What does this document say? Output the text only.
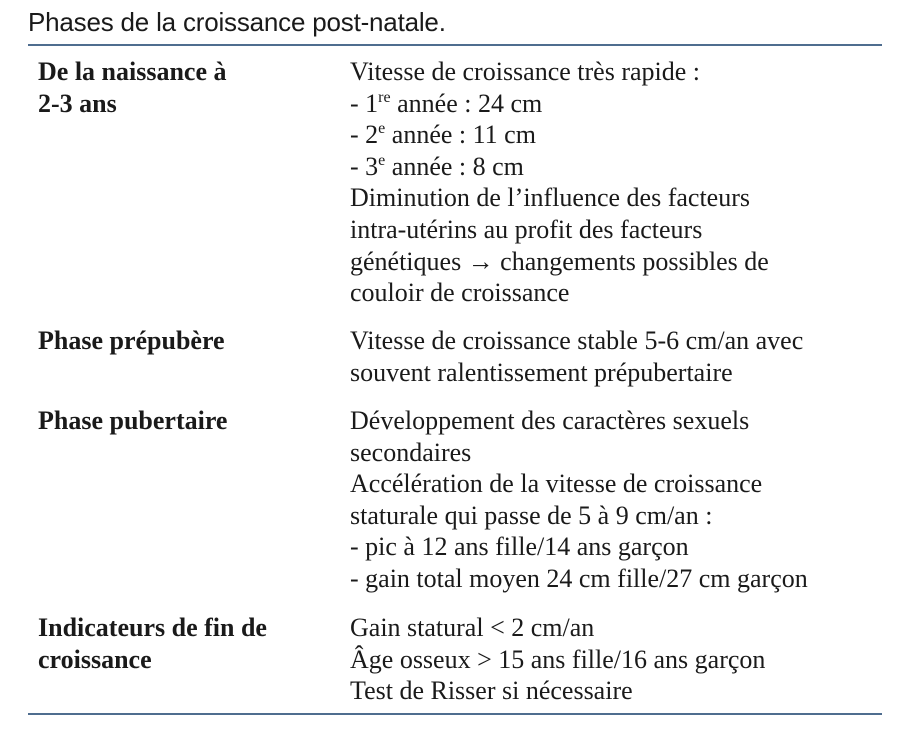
Phases de la croissance post-natale.
De la naissance à
2-3 ans
Vitesse de croissance très rapide :
- 1re année : 24 cm
- 2e année : 11 cm
- 3e année : 8 cm
Diminution de l’influence des facteurs
intra-utérins au profit des facteurs
génétiques → changements possibles de
couloir de croissance
Phase prépubère	Vitesse de croissance stable 5-6 cm/an avec
souvent ralentissement prépubertaire
Phase pubertaire	Développement des caractères sexuels
secondaires
Accélération de la vitesse de croissance
staturale qui passe de 5 à 9 cm/an :
- pic à 12 ans fille/14 ans garçon
- gain total moyen 24 cm fille/27 cm garçon
Indicateurs de fin de
croissance
Gain statural < 2 cm/an
Âge osseux > 15 ans fille/16 ans garçon
Test de Risser si nécessaire
